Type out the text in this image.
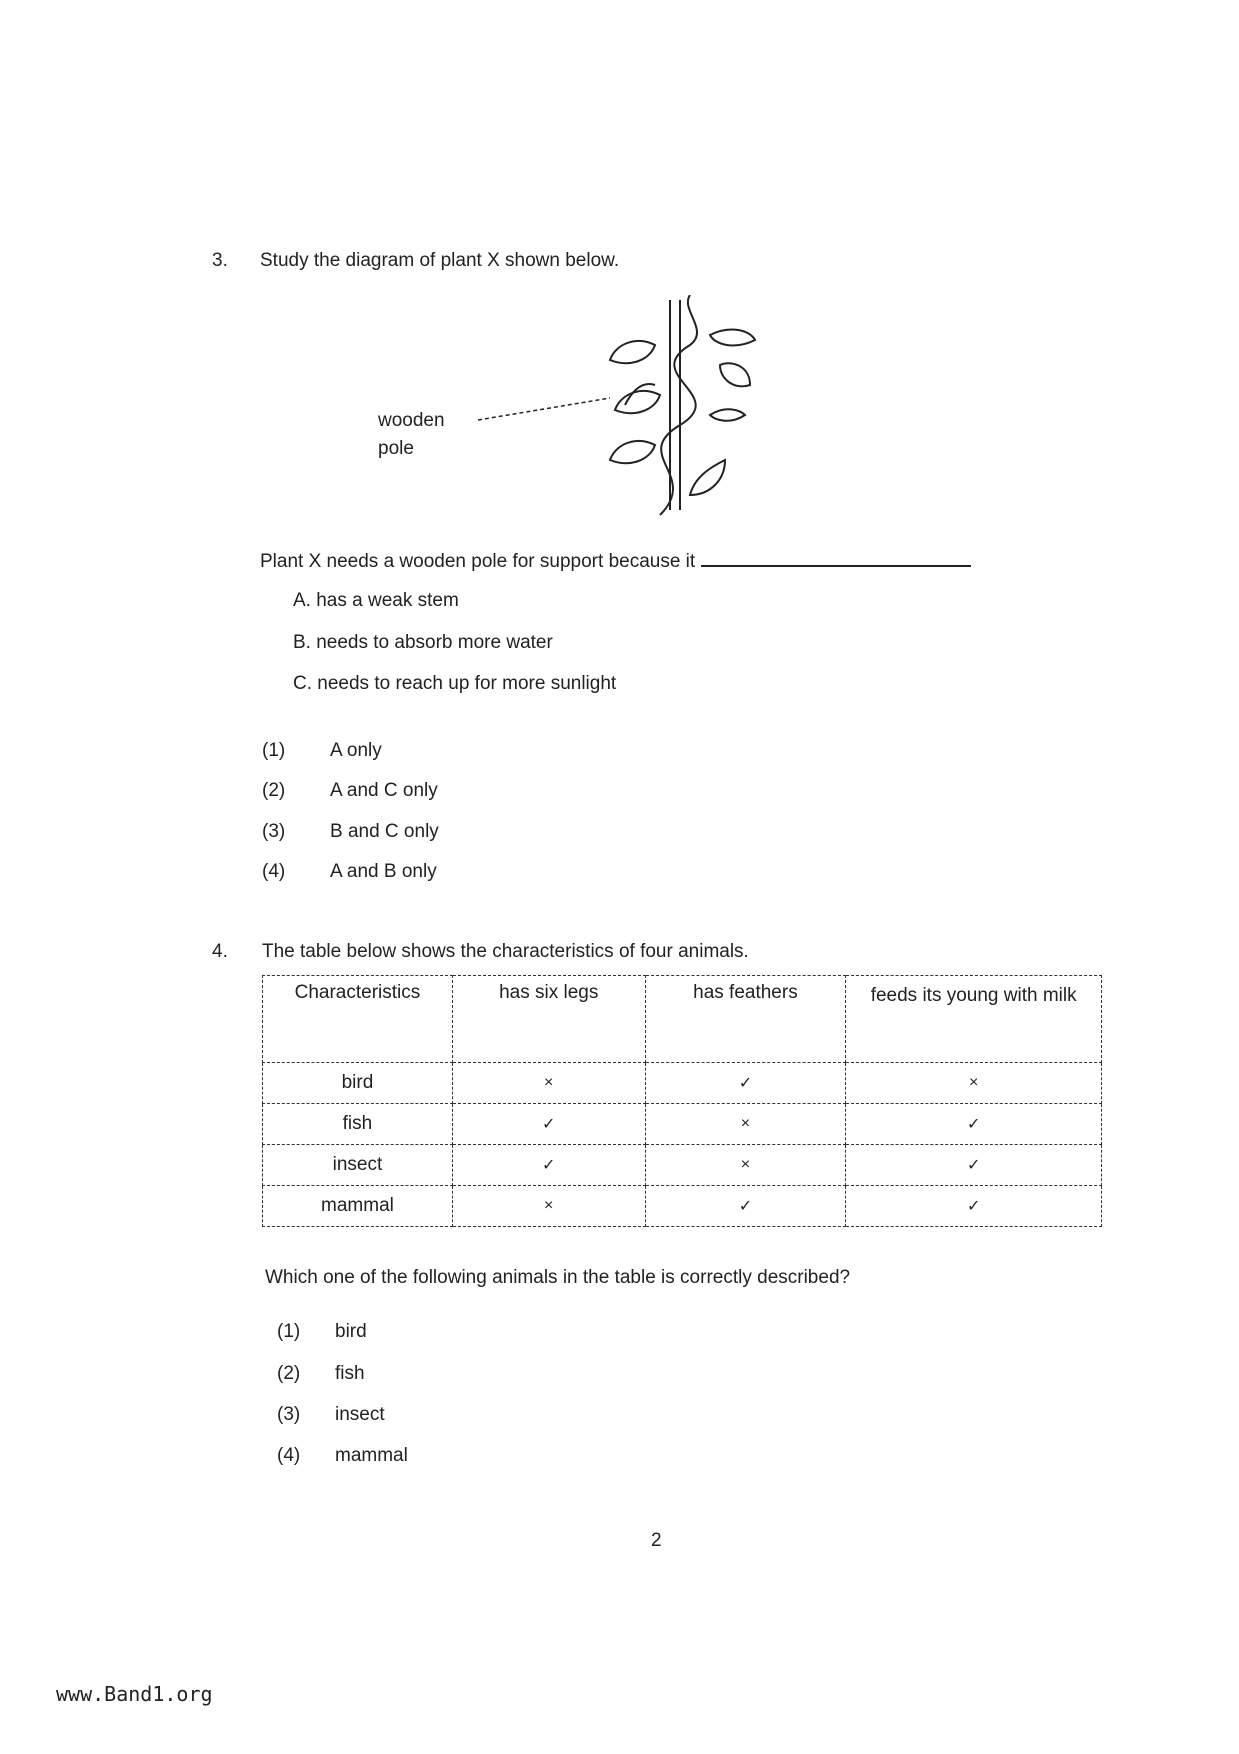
3. Study the diagram of plant X shown below.
wooden
pole
Plant X needs a wooden pole for support because it
A. has a weak stem
B. needs to absorb more water
C. needs to reach up for more sunlight
(1) A only
(2) A and C only
(3) B and C only
(4) A and B only
4. The table below shows the characteristics of four animals.
Characteristics	has six legs	has feathers	feeds its young with milk
bird	×	✓	×
fish	✓	×	✓
insect	✓	×	✓
mammal	×	✓	✓
Which one of the following animals in the table is correctly described?
(1) bird
(2) fish
(3) insect
(4) mammal
2
www.Band1.org
